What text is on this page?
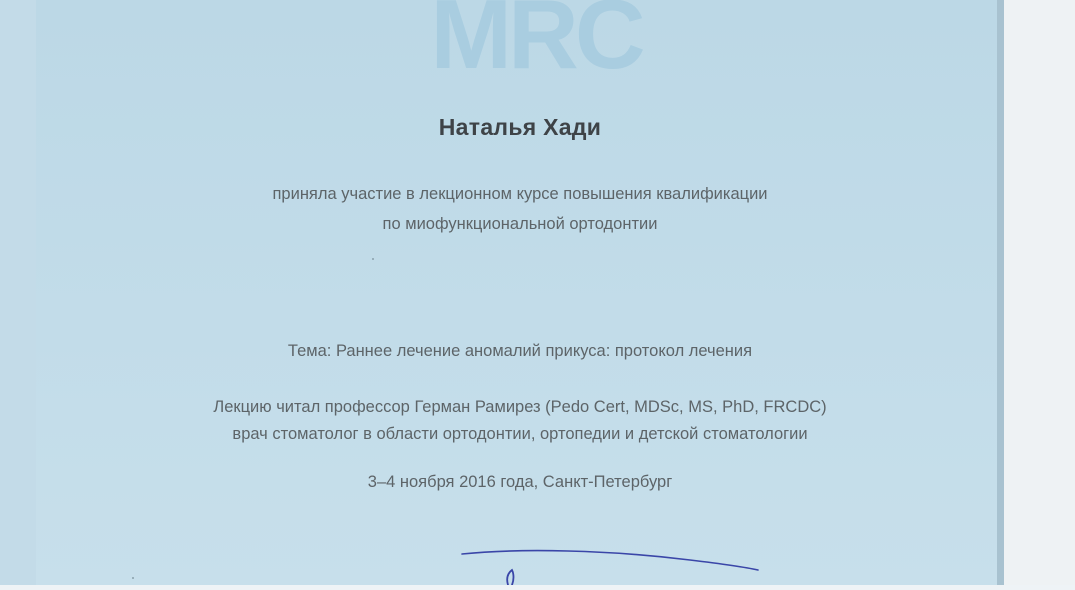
MRC
Наталья Хади
приняла участие в лекционном курсе повышения квалификации
по миофункциональной ортодонтии
Тема: Раннее лечение аномалий прикуса: протокол лечения
Лекцию читал профессор Герман Рамирез (Pedo Cert, MDSc, MS, PhD, FRCDC)
врач стоматолог в области ортодонтии, ортопедии и детской стоматологии
3–4 ноября 2016 года, Санкт-Петербург
